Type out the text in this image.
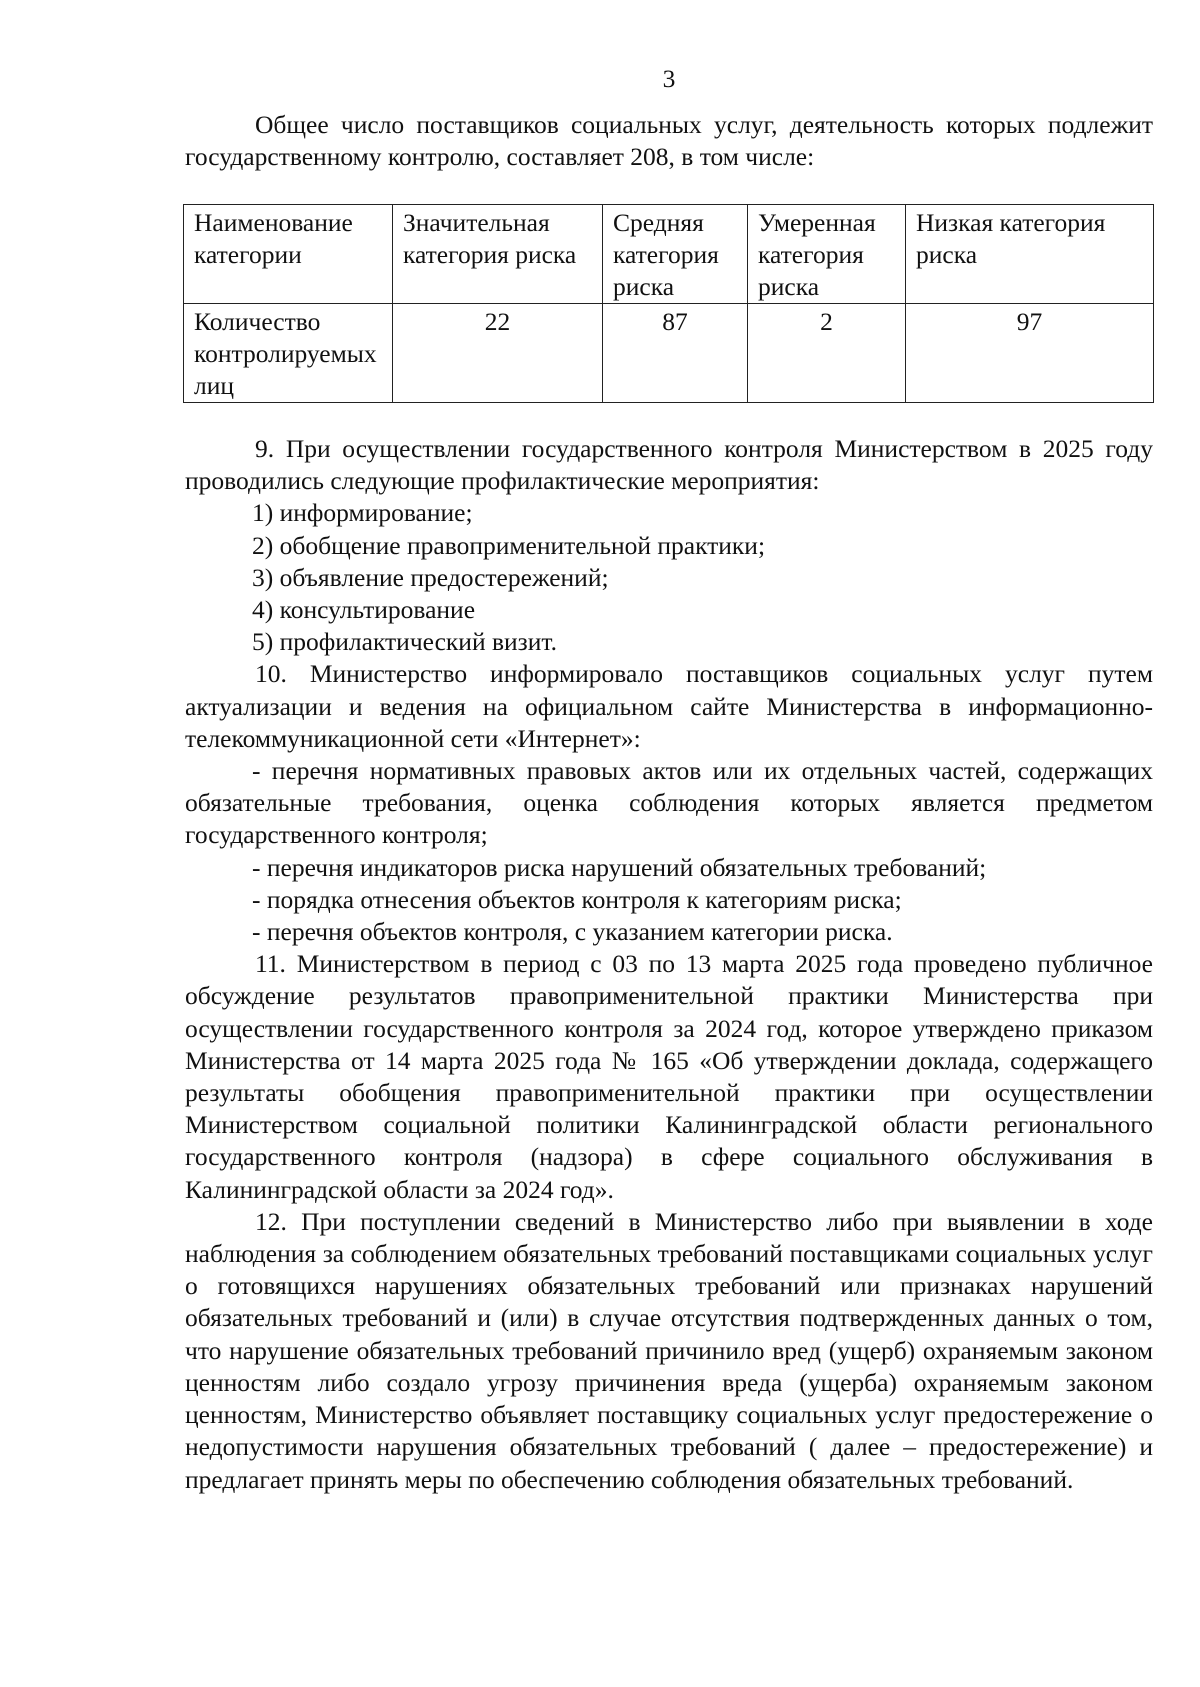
3

Общее число поставщиков социальных услуг, деятельность которых подлежит государственному контролю, составляет 208, в том числе:

Наименование категории	Значительная категория риска	Средняя категория риска	Умеренная категория риска	Низкая категория риска
Количество контролируемых лиц	22	87	2	97

9. При осуществлении государственного контроля Министерством в 2025 году проводились следующие профилактические мероприятия:

1) информирование;

2) обобщение правоприменительной практики;

3) объявление предостережений;

4) консультирование

5) профилактический визит.

10. Министерство информировало поставщиков социальных услуг путем актуализации и ведения на официальном сайте Министерства в информационно-телекоммуникационной сети «Интернет»:

- перечня нормативных правовых актов или их отдельных частей, содержащих обязательные требования, оценка соблюдения которых является предметом государственного контроля;

- перечня индикаторов риска нарушений обязательных требований;

- порядка отнесения объектов контроля к категориям риска;

- перечня объектов контроля, с указанием категории риска.

11. Министерством в период с 03 по 13 марта 2025 года проведено публичное обсуждение результатов правоприменительной практики Министерства при осуществлении государственного контроля за 2024 год, которое утверждено приказом Министерства от 14 марта 2025 года № 165 «Об утверждении доклада, содержащего результаты обобщения правоприменительной практики при осуществлении Министерством социальной политики Калининградской области регионального государственного контроля (надзора) в сфере социального обслуживания в Калининградской области за 2024 год».

12. При поступлении сведений в Министерство либо при выявлении в ходе наблюдения за соблюдением обязательных требований поставщиками социальных услуг о готовящихся нарушениях обязательных требований или признаках нарушений обязательных требований и (или) в случае отсутствия подтвержденных данных о том, что нарушение обязательных требований причинило вред (ущерб) охраняемым законом ценностям либо создало угрозу причинения вреда (ущерба) охраняемым законом ценностям, Министерство объявляет поставщику социальных услуг предостережение о недопустимости нарушения обязательных требований ( далее – предостережение) и предлагает принять меры по обеспечению соблюдения обязательных требований.
